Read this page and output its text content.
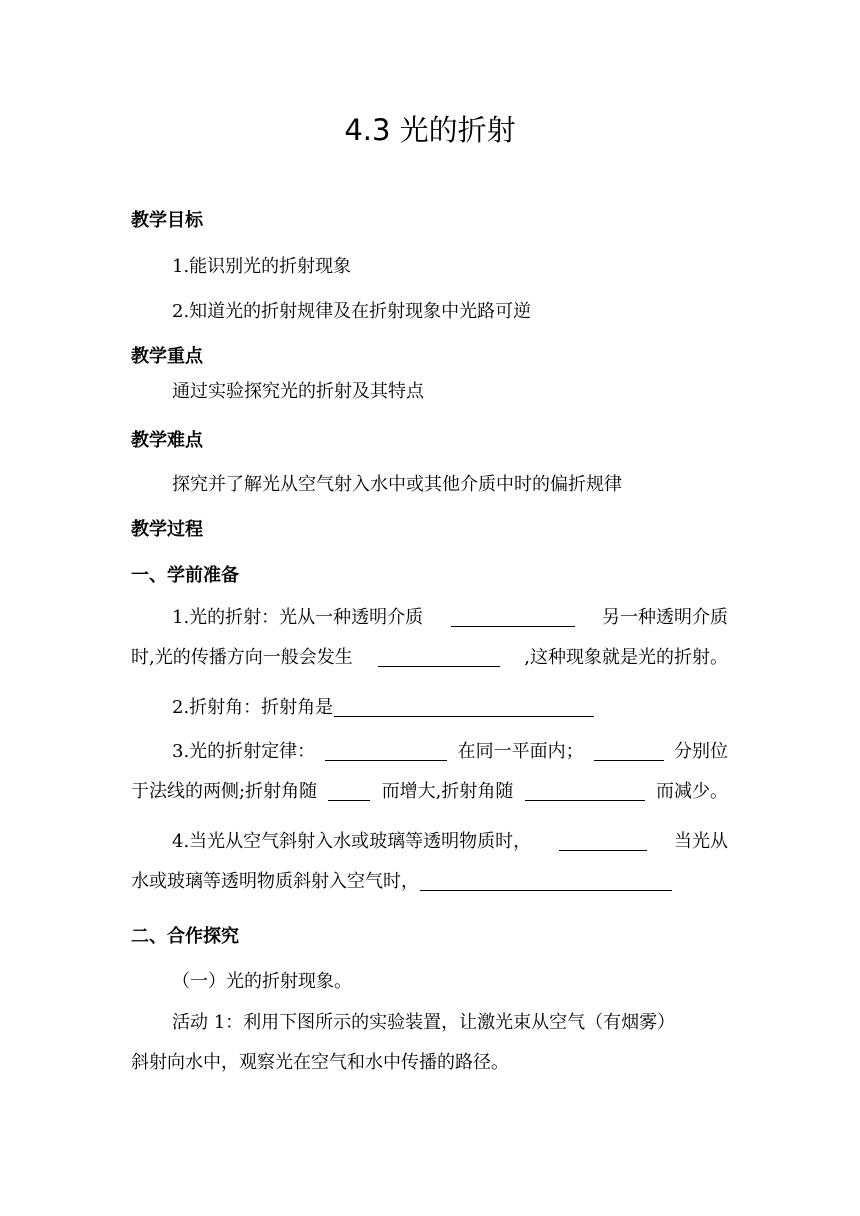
4.3 光的折射
教学目标
1.能识别光的折射现象
2.知道光的折射规律及在折射现象中光路可逆
教学重点
通过实验探究光的折射及其特点
教学难点
探究并了解光从空气射入水中或其他介质中时的偏折规律
教学过程
一、学前准备
1.光的折射：光从一种透明介质	另一种透明介质
时,光的传播方向一般会发生	,这种现象就是光的折射。
2.折射角：折射角是
3.光的折射定律：	在同一平面内；	分别位
于法线的两侧;折射角随	而增大,折射角随	而减少。
4.当光从空气斜射入水或玻璃等透明物质时，	当光从
水或玻璃等透明物质斜射入空气时，
二、合作探究
（一）光的折射现象。
活动 1：利用下图所示的实验装置，让激光束从空气（有烟雾）
斜射向水中，观察光在空气和水中传播的路径。
